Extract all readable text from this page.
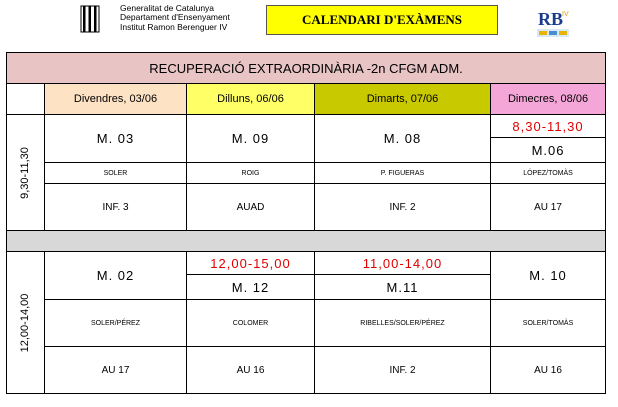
Generalitat de Catalunya
Departament d'Ensenyament
Institut Ramon Berenguer IV	CALENDARI D'EXÀMENS	RB
IV
RECUPERACIÓ EXTRAORDINÀRIA -2n CFGM ADM.				
	Divendres, 03/06	Dilluns, 06/06	Dimarts, 07/06	Dimecres, 08/06

9,30-11,30	M. 03	M. 09	M. 08	8,30-11,30
				M.06
	SOLER	ROIG	P. FIGUERAS	LÓPEZ/TOMÀS
	INF. 3	AUAD	INF. 2	AU 17

12,00-14,00	M. 02	12,00-15,00	11,00-14,00	M. 10
		M. 12	M.11	
	SOLER/PÉREZ	COLOMER	RIBELLES/SOLER/PÉREZ	SOLER/TOMÀS
	AU 17	AU 16	INF. 2	AU 16
